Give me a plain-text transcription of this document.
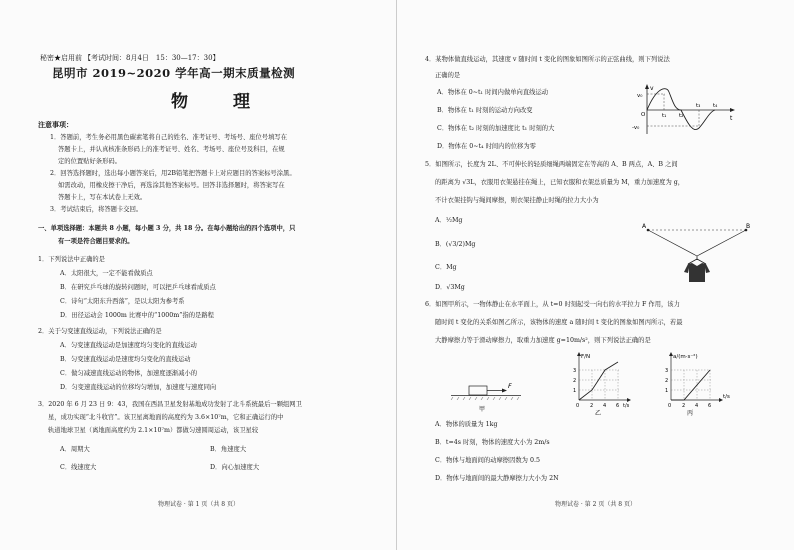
秘密★启用前 【考试时间：8月4日　15：30—17：30】
昆明市 2019~2020 学年高一期末质量检测
物　理
注意事项：
1．答题前，考生务必用黑色碳素笔将自己的姓名、准考证号、考场号、座位号填写在
答题卡上，并认真核准条形码上的准考证号、姓名、考场号、座位号及科目，在规
定的位置贴好条形码。
2．回答选择题时，选出每小题答案后，用2B铅笔把答题卡上对应题目的答案标号涂黑。
如需改动，用橡皮擦干净后，再选涂其他答案标号。回答非选择题时，将答案写在
答题卡上，写在本试卷上无效。
3．考试结束后，将答题卡交回。
一、单项选择题：本题共 8 小题，每小题 3 分，共 18 分。在每小题给出的四个选项中，只
有一项是符合题目要求的。
1．下列说法中正确的是
A．太阳很大，一定不能看做质点
B．在研究乒乓球的旋转问题时，可以把乒乓球看成质点
C．诗句“太阳东升西落”，是以太阳为参考系
D．田径运动会 1000m 比赛中的“1000m”指的是路程
2．关于匀变速直线运动，下列说法正确的是
A．匀变速直线运动是加速度均匀变化的直线运动
B．匀变速直线运动是速度均匀变化的直线运动
C．做匀减速直线运动的物体，加速度逐渐减小的
D．匀变速直线运动的位移均匀增加，加速度与速度同向
3．2020 年 6 月 23 日 9：43，我国在西昌卫星发射基地成功发射了北斗系统最后一颗组网卫
星，成功实现“北斗收官”。该卫星离地面的高度约为 3.6×10⁷m，它和正确运行的中
轨道地球卫星（离地面高度约为 2.1×10⁷m）都做匀速圆周运动，该卫星较
A．周期大	B．角速度大
C．线速度大	D．向心加速度大
物理试卷 · 第 1 页（共 8 页）
4．某物体做直线运动，其速度 v 随时间 t 变化的图象如图所示的正弦曲线，则下列说法
正确的是
A．物体在 0~t₁ 时间内做单向直线运动
B．物体在 t₁ 时刻的运动方向改变
C．物体在 t₂ 时刻的加速度比 t₁ 时刻的大
D．物体在 0~t₄ 时间内的位移为零
v
v₀
-v₀
O	t₁ t₂
t₃ t₄
t
5．如图所示，长度为 2L、不可伸长的轻质细绳两端固定在等高的 A、B 两点，A、B 之间
的距离为 √3L，衣服用衣架悬挂在绳上，已知衣服和衣架总质量为 M，重力加速度为 g，
不计衣架挂钩与绳间摩擦，则衣架挂静止时绳的拉力大小为
A．½Mg
B．(√3/2)Mg
C．Mg
D．√3Mg
A	B
6．如图甲所示，一物体静止在水平面上，从 t=0 时刻起受一向右的水平拉力 F 作用，该力
随时间 t 变化的关系如图乙所示，该物体的速度 a 随时间 t 变化的图象如图丙所示，若最
大静摩擦力等于滑动摩擦力，取重力加速度 g=10m/s²，则下列说法正确的是
F
甲
F/N
3
2
1
0 2 4 6 t/s
乙
a/(m·s⁻²)
3
2
1
0 2 4 6
t/s
丙
A．物体的质量为 1kg
B．t=4s 时刻，物体的速度大小为 2m/s
C．物体与地面间的动摩擦因数为 0.5
D．物体与地面间的最大静摩擦力大小为 2N
物理试卷 · 第 2 页（共 8 页）
